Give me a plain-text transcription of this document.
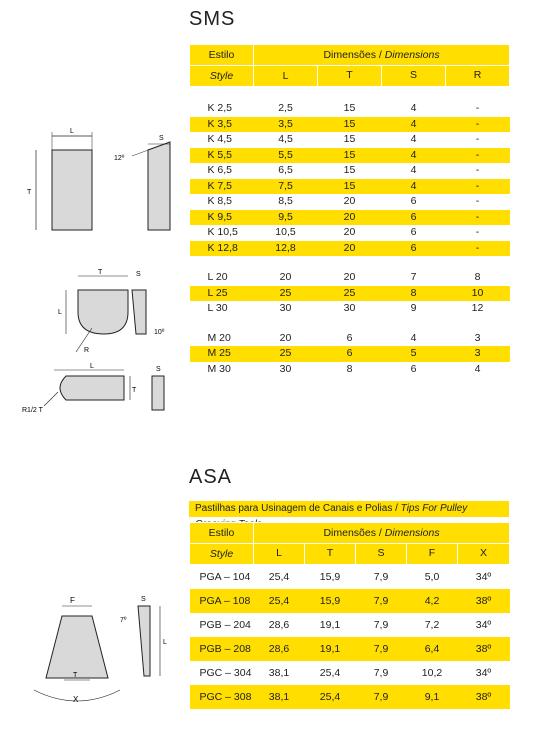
SMS
Estilo	Dimensões / Dimensions			
Style	L	T	S	R

K 2,5	2,5	15	4	-
K 3,5	3,5	15	4	-
K 4,5	4,5	15	4	-
K 5,5	5,5	15	4	-
K 6,5	6,5	15	4	-
K 7,5	7,5	15	4	-
K 8,5	8,5	20	6	-
K 9,5	9,5	20	6	-
K 10,5	10,5	20	6	-
K 12,8	12,8	20	6	-

L 20	20	20	7	8
L 25	25	25	8	10
L 30	30	30	9	12

M 20	20	6	4	3
M 25	25	6	5	3
M 30	30	8	6	4
L
T
S
12º
T
L
R
S
10º
L
T
S
R1/2 T
ASA
Pastilhas para Usinagem de Canais e Polias / Tips For Pulley
Estilo	Dimensões / Dimensions				
Style	L	T	S	F	X
PGA – 104	25,4	15,9	7,9	5,0	34º
PGA – 108	25,4	15,9	7,9	4,2	38º
PGB – 204	28,6	19,1	7,9	7,2	34º
PGB – 208	28,6	19,1	7,9	6,4	38º
PGC – 304	38,1	25,4	7,9	10,2	34º
PGC – 308	38,1	25,4	7,9	9,1	38º
F
T
X
S
L
7º
